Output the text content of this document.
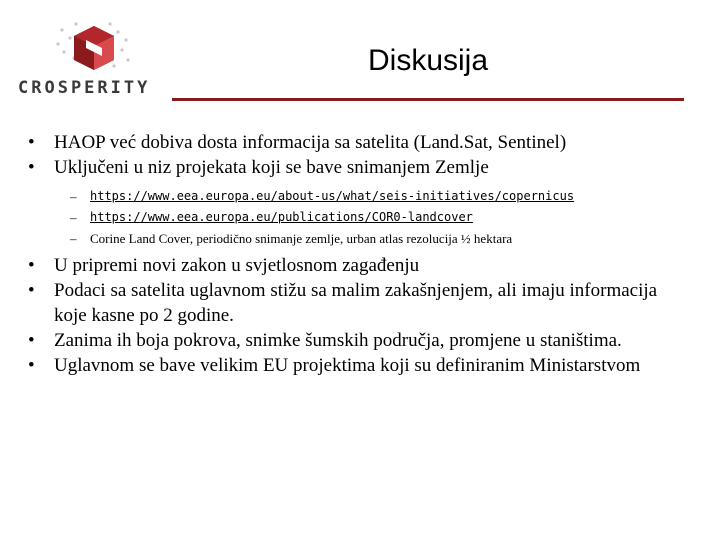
CROSPERITY
Diskusija
•	HAOP već dobiva dosta informacija sa satelita (Land.Sat, Sentinel)
•	Uključeni u niz projekata koji se bave snimanjem Zemlje
–	https://www.eea.europa.eu/about-us/what/seis-initiatives/copernicus
–	https://www.eea.europa.eu/publications/COR0-landcover
–	Corine Land Cover, periodično snimanje zemlje, urban atlas rezolucija ½ hektara
•	U pripremi novi zakon u svjetlosnom zagađenju
•	Podaci sa satelita uglavnom stižu sa malim zakašnjenjem, ali imaju informacija koje kasne po 2 godine.
•	Zanima ih boja pokrova, snimke šumskih područja, promjene u staništima.
•	Uglavnom se bave velikim EU projektima koji su definiranim Ministarstvom
